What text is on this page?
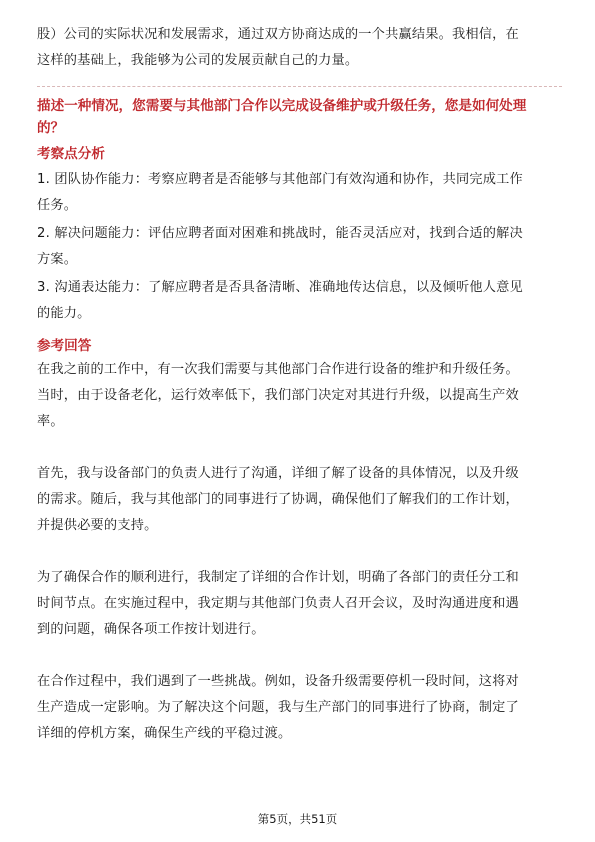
股）公司的实际状况和发展需求，通过双方协商达成的一个共赢结果。我相信，在

这样的基础上，我能够为公司的发展贡献自己的力量。

描述一种情况，您需要与其他部门合作以完成设备维护或升级任务，您是如何处理
的？
考察点分析

1. 团队协作能力：考察应聘者是否能够与其他部门有效沟通和协作，共同完成工作

任务。

2. 解决问题能力：评估应聘者面对困难和挑战时，能否灵活应对，找到合适的解决

方案。

3. 沟通表达能力：了解应聘者是否具备清晰、准确地传达信息，以及倾听他人意见

的能力。

参考回答

在我之前的工作中，有一次我们需要与其他部门合作进行设备的维护和升级任务。

当时，由于设备老化，运行效率低下，我们部门决定对其进行升级，以提高生产效

率。

首先，我与设备部门的负责人进行了沟通，详细了解了设备的具体情况，以及升级

的需求。随后，我与其他部门的同事进行了协调，确保他们了解我们的工作计划，

并提供必要的支持。

为了确保合作的顺利进行，我制定了详细的合作计划，明确了各部门的责任分工和

时间节点。在实施过程中，我定期与其他部门负责人召开会议，及时沟通进度和遇

到的问题，确保各项工作按计划进行。

在合作过程中，我们遇到了一些挑战。例如，设备升级需要停机一段时间，这将对

生产造成一定影响。为了解决这个问题，我与生产部门的同事进行了协商，制定了

详细的停机方案，确保生产线的平稳过渡。

第5页，共51页
